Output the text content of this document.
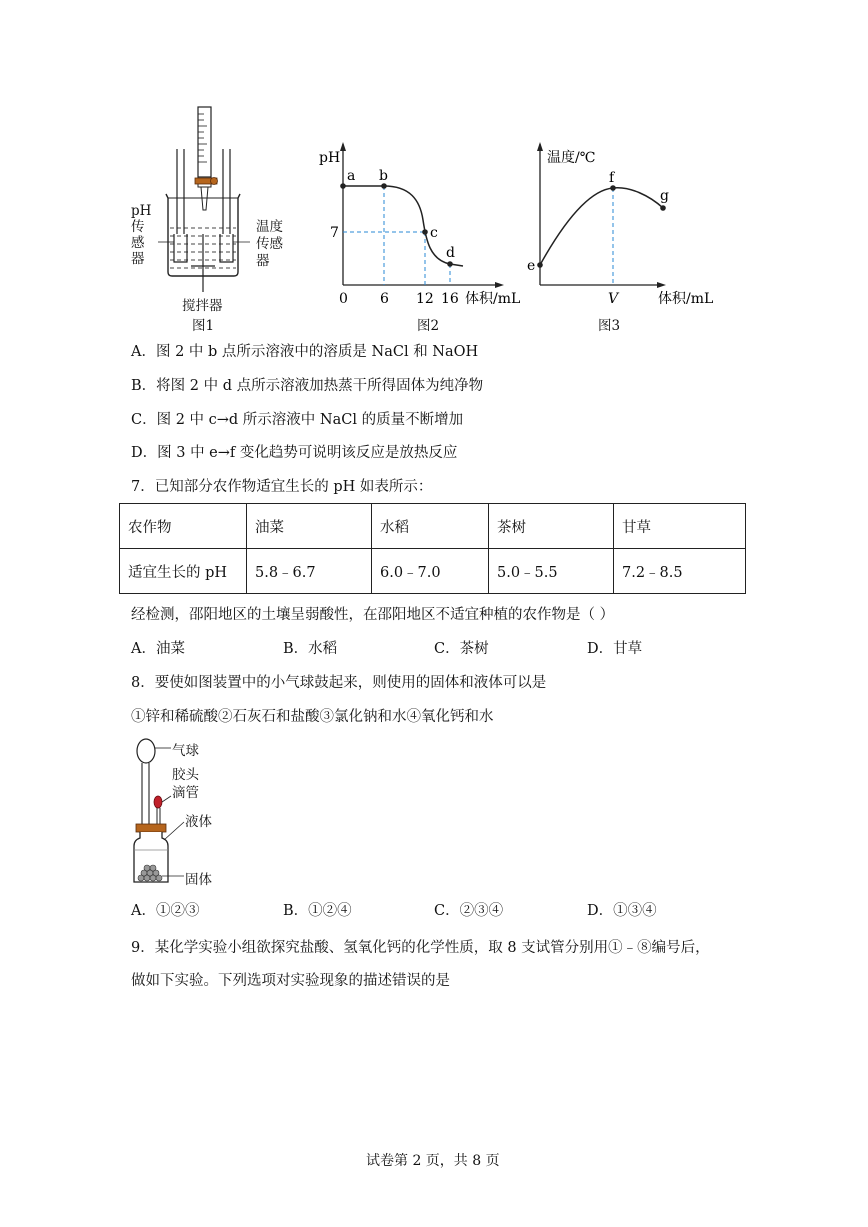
pH
传
感
器
温度
传感
器
搅拌器
图1
pH
a b
c
d
7
0 6 12 16 体积/mL
图2
温度/℃
e
f
g
V	体积/mL
图3
A．图 2 中 b 点所示溶液中的溶质是 NaCl 和 NaOH
B．将图 2 中 d 点所示溶液加热蒸干所得固体为纯净物
C．图 2 中 c→d 所示溶液中 NaCl 的质量不断增加
D．图 3 中 e→f 变化趋势可说明该反应是放热反应
7．已知部分农作物适宜生长的 pH 如表所示：
农作物	油菜	水稻	茶树	甘草
适宜生长的 pH	5.8﹣6.7	6.0﹣7.0	5.0﹣5.5	7.2﹣8.5
经检测，邵阳地区的土壤呈弱酸性，在邵阳地区不适宜种植的农作物是（ ）
A．油菜	B．水稻	C．茶树	D．甘草
8．要使如图装置中的小气球鼓起来，则使用的固体和液体可以是
①锌和稀硫酸②石灰石和盐酸③氯化钠和水④氧化钙和水
气球
胶头
滴管
液体
固体
A．①②③	B．①②④	C．②③④	D．①③④
9．某化学实验小组欲探究盐酸、氢氧化钙的化学性质，取 8 支试管分别用①﹣⑧编号后，
做如下实验。下列选项对实验现象的描述错误的是
试卷第 2 页，共 8 页
